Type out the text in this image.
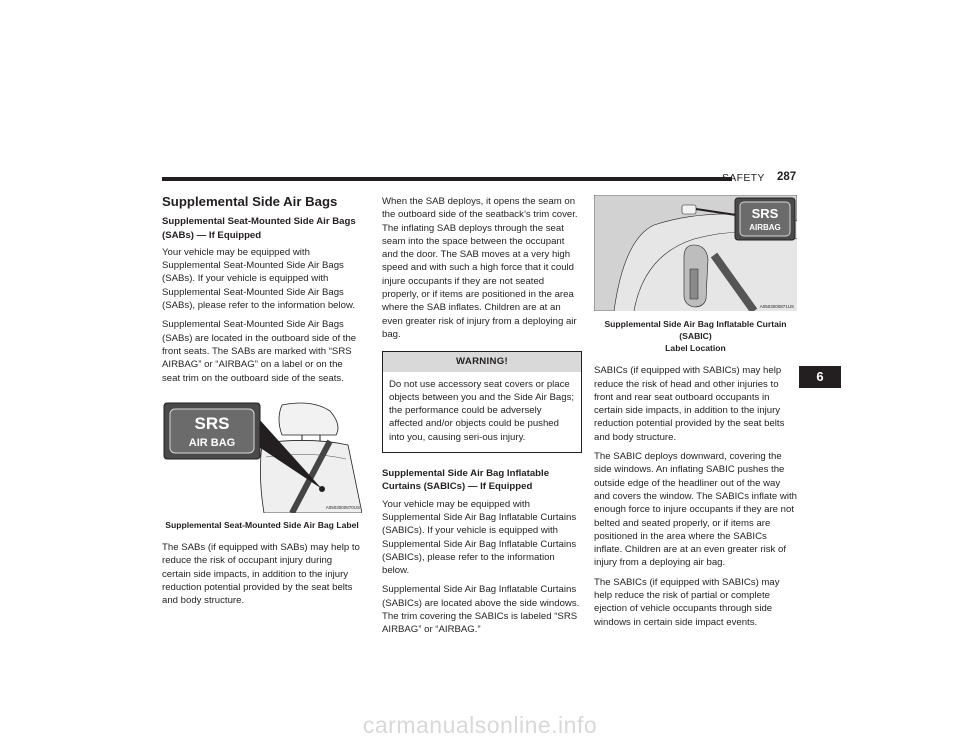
SAFETY 287
Supplemental Side Air Bags
Supplemental Seat-Mounted Side Air Bags (SABs) — If Equipped

Your vehicle may be equipped with Supplemental Seat-Mounted Side Air Bags (SABs). If your vehicle is equipped with Supplemental Seat-Mounted Side Air Bags (SABs), please refer to the information below.

Supplemental Seat-Mounted Side Air Bags (SABs) are located in the outboard side of the front seats. The SABs are marked with “SRS AIRBAG” or “AIRBAG” on a label or on the seat trim on the outboard side of the seats.

SRS
AIR BAG
A0503000870US
Supplemental Seat-Mounted Side Air Bag Label

The SABs (if equipped with SABs) may help to reduce the risk of occupant injury during certain side impacts, in addition to the injury reduction potential provided by the seat belts and body structure.

When the SAB deploys, it opens the seam on the outboard side of the seatback’s trim cover. The inflating SAB deploys through the seat seam into the space between the occupant and the door. The SAB moves at a very high speed and with such a high force that it could injure occupants if they are not seated properly, or if items are positioned in the area where the SAB inflates. Children are at an even greater risk of injury from a deploying air bag.

WARNING!
Do not use accessory seat covers or place objects between you and the Side Air Bags; the performance could be adversely affected and/or objects could be pushed into you, causing seri-ous injury.
Supplemental Side Air Bag Inflatable Curtains (SABICs) — If Equipped

Your vehicle may be equipped with Supplemental Side Air Bag Inflatable Curtains (SABICs). If your vehicle is equipped with Supplemental Side Air Bag Inflatable Curtains (SABICs), please refer to the information below.

Supplemental Side Air Bag Inflatable Curtains (SABICs) are located above the side windows. The trim covering the SABICs is labeled “SRS AIRBAG” or “AIRBAG.”

SRS
AIRBAG
A0503000871US
Supplemental Side Air Bag Inflatable Curtain (SABIC)
Label Location

SABICs (if equipped with SABICs) may help reduce the risk of head and other injuries to front and rear seat outboard occupants in certain side impacts, in addition to the injury reduction potential provided by the seat belts and body structure.

The SABIC deploys downward, covering the side windows. An inflating SABIC pushes the outside edge of the headliner out of the way and covers the window. The SABICs inflate with enough force to injure occupants if they are not belted and seated properly, or if items are positioned in the area where the SABICs inflate. Children are at an even greater risk of injury from a deploying air bag.

The SABICs (if equipped with SABICs) may help reduce the risk of partial or complete ejection of vehicle occupants through side windows in certain side impact events.

6
carmanualsonline.info
